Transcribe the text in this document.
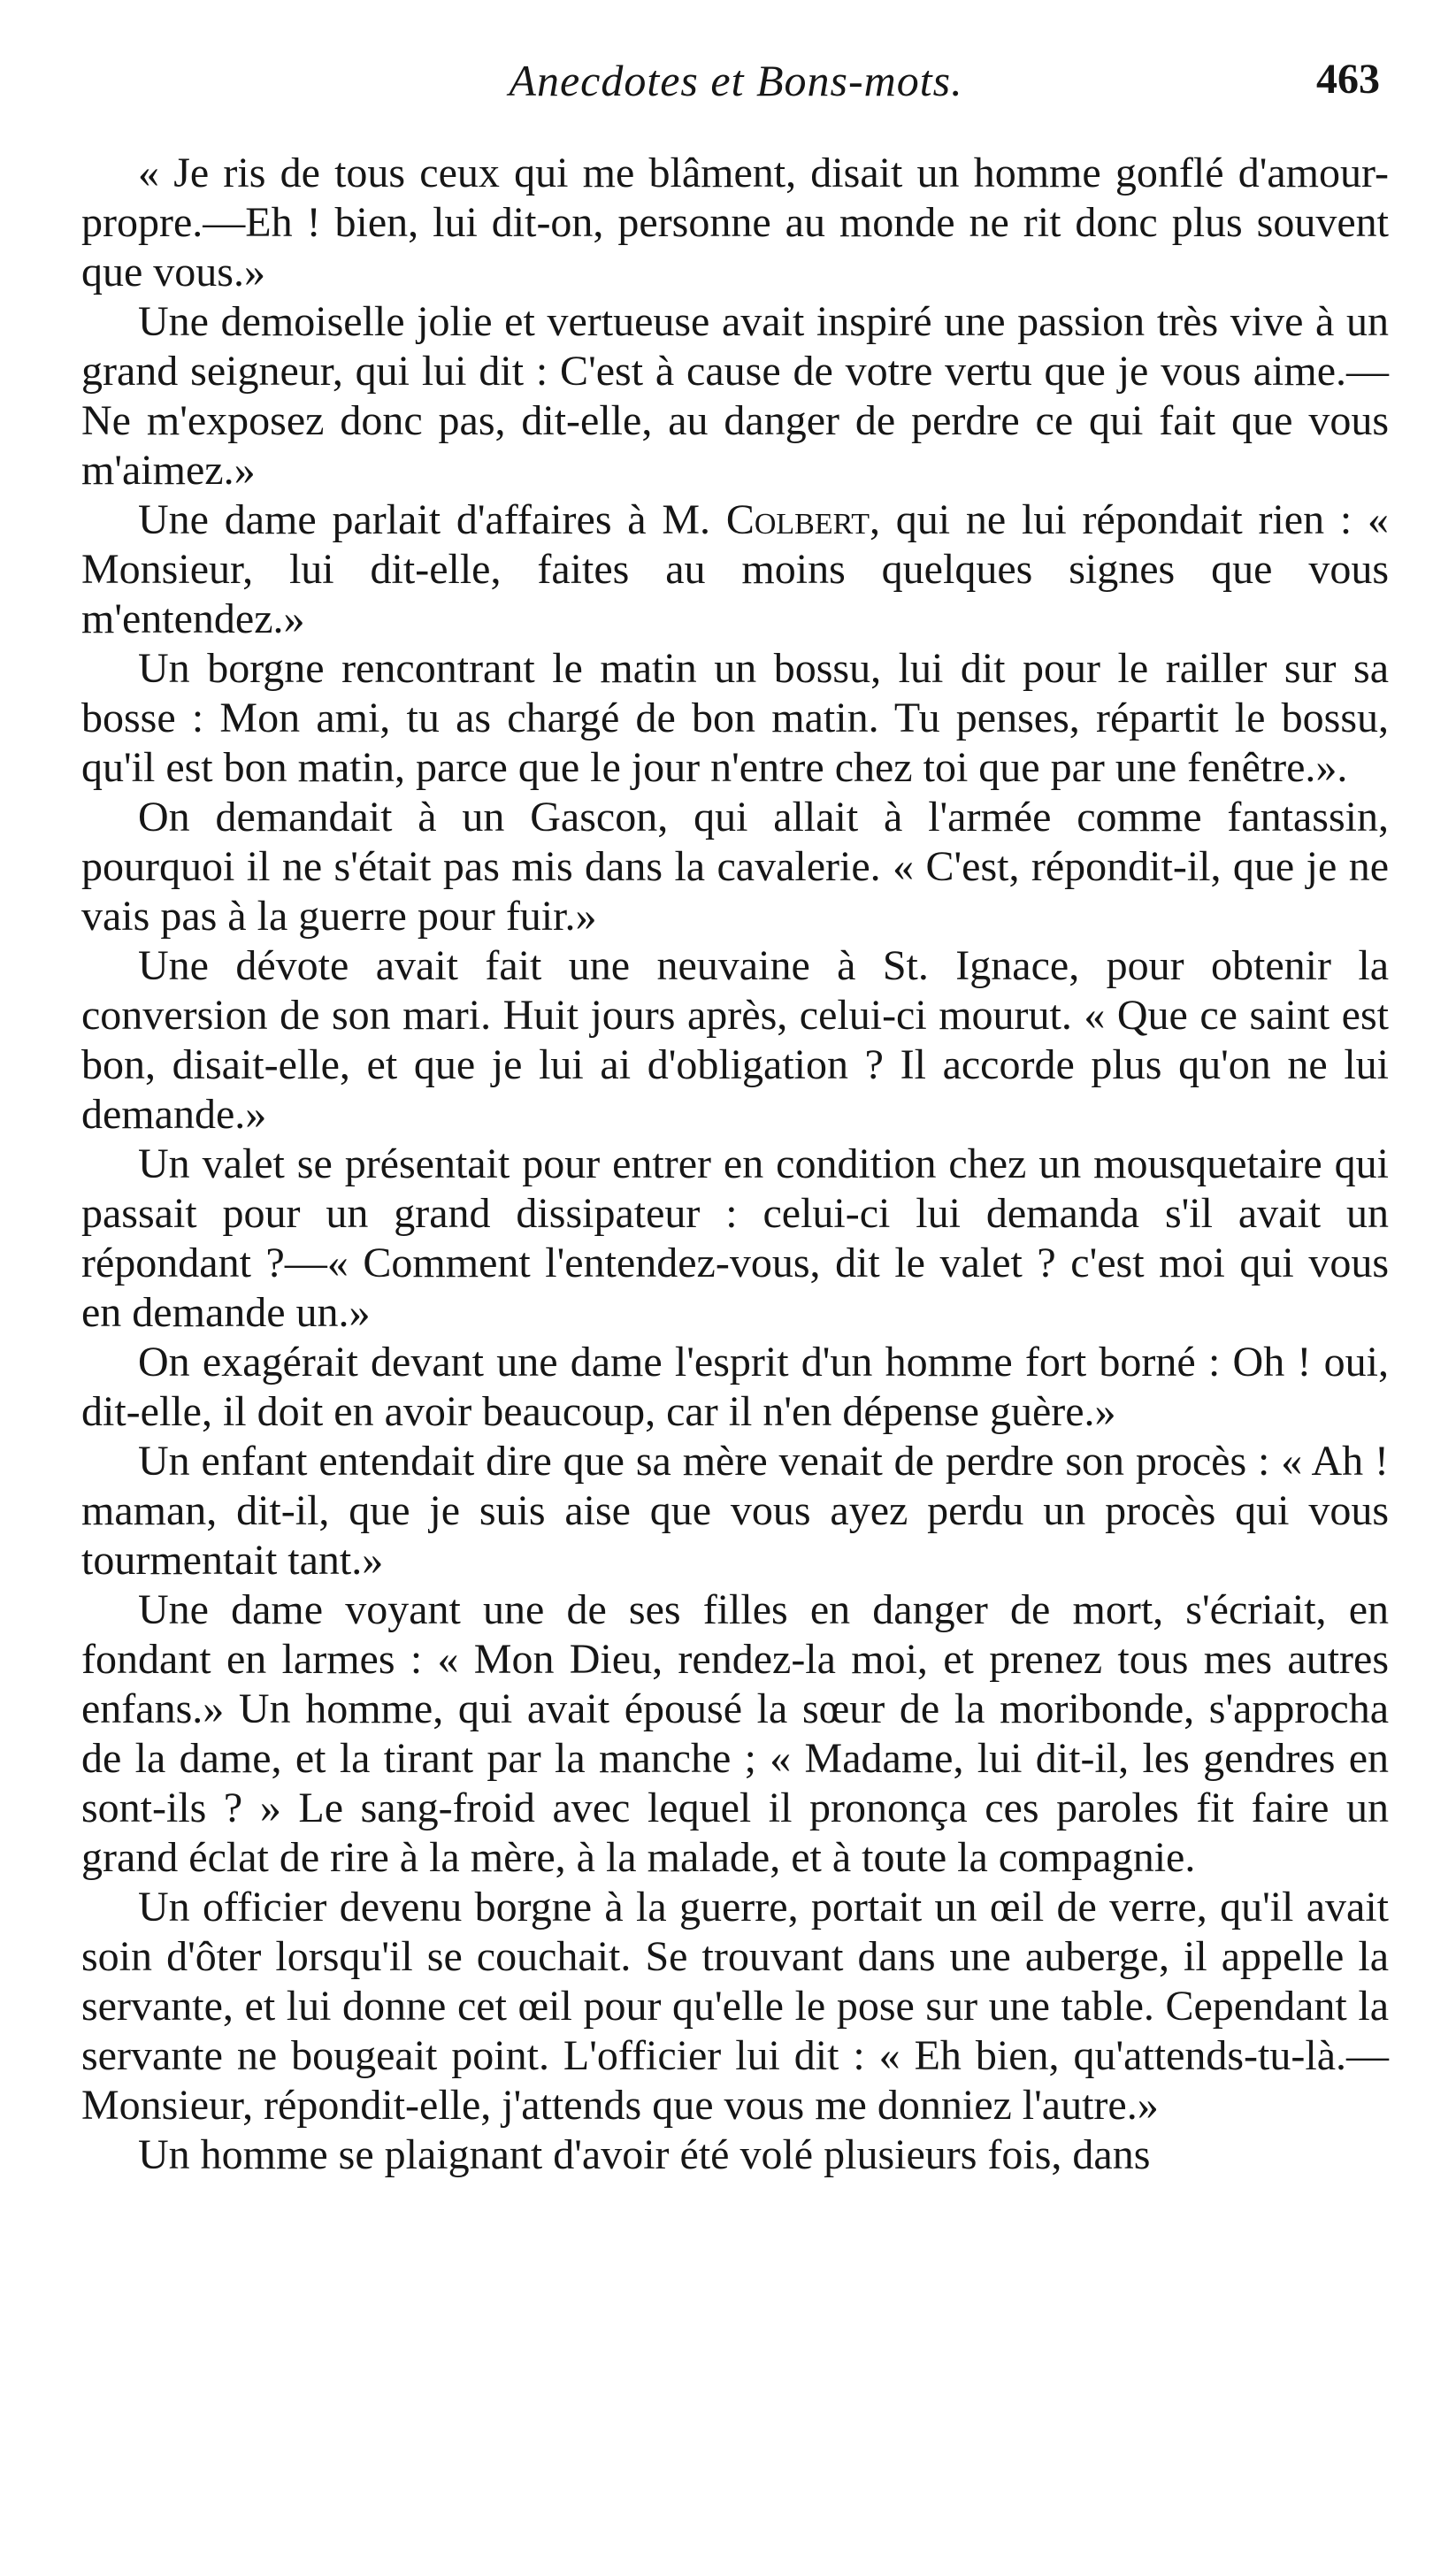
Anecdotes et Bons-mots.	463

« Je ris de tous ceux qui me blâment, disait un homme gonflé d'amour-propre.—Eh ! bien, lui dit-on, personne au monde ne rit donc plus souvent que vous.»

Une demoiselle jolie et vertueuse avait inspiré une passion très vive à un grand seigneur, qui lui dit : C'est à cause de votre vertu que je vous aime.—Ne m'exposez donc pas, dit-elle, au danger de perdre ce qui fait que vous m'aimez.»

Une dame parlait d'affaires à M. Colbert, qui ne lui répondait rien : « Monsieur, lui dit-elle, faites au moins quelques signes que vous m'entendez.»

Un borgne rencontrant le matin un bossu, lui dit pour le railler sur sa bosse : Mon ami, tu as chargé de bon matin. Tu penses, répartit le bossu, qu'il est bon matin, parce que le jour n'entre chez toi que par une fenêtre.».

On demandait à un Gascon, qui allait à l'armée comme fantassin, pourquoi il ne s'était pas mis dans la cavalerie. « C'est, répondit-il, que je ne vais pas à la guerre pour fuir.»

Une dévote avait fait une neuvaine à St. Ignace, pour obtenir la conversion de son mari. Huit jours après, celui-ci mourut. « Que ce saint est bon, disait-elle, et que je lui ai d'obligation ? Il accorde plus qu'on ne lui demande.»

Un valet se présentait pour entrer en condition chez un mousquetaire qui passait pour un grand dissipateur : celui-ci lui demanda s'il avait un répondant ?—« Comment l'entendez-vous, dit le valet ? c'est moi qui vous en demande un.»

On exagérait devant une dame l'esprit d'un homme fort borné : Oh ! oui, dit-elle, il doit en avoir beaucoup, car il n'en dépense guère.»

Un enfant entendait dire que sa mère venait de perdre son procès : « Ah ! maman, dit-il, que je suis aise que vous ayez perdu un procès qui vous tourmentait tant.»

Une dame voyant une de ses filles en danger de mort, s'écriait, en fondant en larmes : « Mon Dieu, rendez-la moi, et prenez tous mes autres enfans.» Un homme, qui avait épousé la sœur de la moribonde, s'approcha de la dame, et la tirant par la manche ; « Madame, lui dit-il, les gendres en sont-ils ? » Le sang-froid avec lequel il prononça ces paroles fit faire un grand éclat de rire à la mère, à la malade, et à toute la compagnie.

Un officier devenu borgne à la guerre, portait un œil de verre, qu'il avait soin d'ôter lorsqu'il se couchait. Se trouvant dans une auberge, il appelle la servante, et lui donne cet œil pour qu'elle le pose sur une table. Cependant la servante ne bougeait point. L'officier lui dit : « Eh bien, qu'attends-tu-là.—Monsieur, répondit-elle, j'attends que vous me donniez l'autre.»

Un homme se plaignant d'avoir été volé plusieurs fois, dans
